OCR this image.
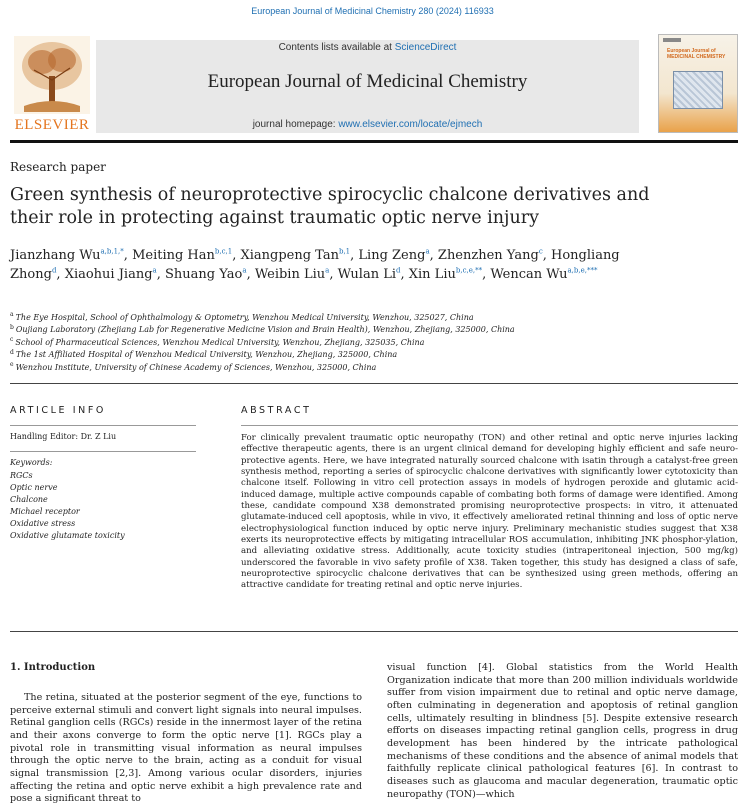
European Journal of Medicinal Chemistry 280 (2024) 116933
ELSEVIER
Contents lists available at ScienceDirect
European Journal of Medicinal Chemistry
journal homepage: www.elsevier.com/locate/ejmech
European Journal of MEDICINAL CHEMISTRY
Research paper
Green synthesis of neuroprotective spirocyclic chalcone derivatives and their role in protecting against traumatic optic nerve injury
Jianzhang $Wu^{a,b,1,*}$, Meiting Han$^{b,c,1}$, Xiangpeng Tan$^{b,1}$, Ling Zeng$^a$, Zhenzhen Yang$^c$, Hongliang Zhong$^d$, Xiaohui Jiang$^a$, Shuang Yao$^a$, Weibin Liu$^a$, Wulan Li$^d$, Xin Liu$^{b,c,e,**}$, Wencan $Wu^{a,b,e,***}$
$^a$ The Eye Hospital, School of Ophthalmology & Optometry, Wenzhou Medical University, Wenzhou, 325027, China
$^b$ Oujiang Laboratory (Zhejiang Lab for Regenerative Medicine Vision and Brain Health), Wenzhou, Zhejiang, 325000, China
$^c$ School of Pharmaceutical Sciences, Wenzhou Medical University, Wenzhou, Zhejiang, 325035, China
$^d$ The 1st Affiliated Hospital of Wenzhou Medical University, Wenzhou, Zhejiang, 325000, China
$^e$ Wenzhou Institute, University of Chinese Academy of Sciences, Wenzhou, 325000, China
ARTICLE INFO	ABSTRACT
Handling Editor: Dr. Z Liu
Keywords:
RGCs
Optic nerve
Chalcone
Michael receptor
Oxidative stress
Oxidative glutamate toxicity
For clinically prevalent traumatic optic neuropathy (TON) and other retinal and optic nerve injuries lacking effective therapeutic agents, there is an urgent clinical demand for developing highly efficient and safe neuro-protective agents. Here, we have integrated naturally sourced chalcone with isatin through a catalyst-free green synthesis method, reporting a series of spirocyclic chalcone derivatives with significantly lower cytotoxicity than chalcone itself. Following in vitro cell protection assays in models of hydrogen peroxide and glutamic acid-induced damage, multiple active compounds capable of combating both forms of damage were identified. Among these, candidate compound X38 demonstrated promising neuroprotective prospects: in vitro, it attenuated glutamate-induced cell apoptosis, while in vivo, it effectively ameliorated retinal thinning and loss of optic nerve electrophysiological function induced by optic nerve injury. Preliminary mechanistic studies suggest that X38 exerts its neuroprotective effects by mitigating intracellular ROS accumulation, inhibiting JNK phosphor-ylation, and alleviating oxidative stress. Additionally, acute toxicity studies (intraperitoneal injection, 500 mg/kg) underscored the favorable in vivo safety profile of X38. Taken together, this study has designed a class of safe, neuroprotective spirocyclic chalcone derivatives that can be synthesized using green methods, offering an attractive candidate for treating retinal and optic nerve injuries.
1. Introduction

The retina, situated at the posterior segment of the eye, functions to perceive external stimuli and convert light signals into neural impulses. Retinal ganglion cells (RGCs) reside in the innermost layer of the retina and their axons converge to form the optic nerve [1]. RGCs play a pivotal role in transmitting visual information as neural impulses through the optic nerve to the brain, acting as a conduit for visual signal transmission [2,3]. Among various ocular disorders, injuries affecting the retina and optic nerve exhibit a high prevalence rate and pose a significant threat to

visual function [4]. Global statistics from the World Health Organization indicate that more than 200 million individuals worldwide suffer from vision impairment due to retinal and optic nerve damage, often culminating in degeneration and apoptosis of retinal ganglion cells, ultimately resulting in blindness [5]. Despite extensive research efforts on diseases impacting retinal ganglion cells, progress in drug development has been hindered by the intricate pathological mechanisms of these conditions and the absence of animal models that faithfully replicate clinical pathological features [6]. In contrast to diseases such as glaucoma and macular degeneration, traumatic optic neuropathy (TON)—which
